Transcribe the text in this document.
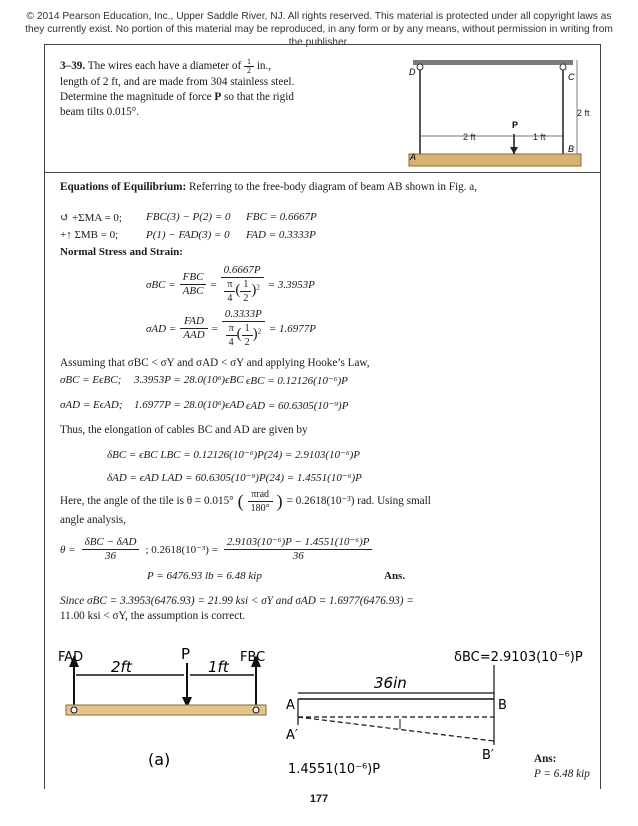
© 2014 Pearson Education, Inc., Upper Saddle River, NJ. All rights reserved. This material is protected under all copyright laws as they currently exist. No portion of this material may be reproduced, in any form or by any means, without permission in writing from the publisher.
3–39. The wires each have a diameter of $\frac{1}{2}$ in., length of 2 ft, and are made from 304 stainless steel. Determine the magnitude of force P so that the rigid beam tilts 0.015°.
D	C
A
B
P
2 ft	1 ft
2 ft
Equations of Equilibrium: Referring to the free-body diagram of beam AB shown in Fig. a,
↺ +ΣMA = 0; FBC(3) − P(2) = 0 FBC = 0.6667P
+↑ ΣMB = 0;	P(1) − FAD(3) = 0 FAD = 0.3333P
Normal Stress and Strain:
$\sigma BC = \frac{\text{FBC}}{\text{ABC}} = \frac{0.6667P}{\frac{\pi}{4} ( \frac{1}{2} )^2} = 3.3953P$
$\sigma AD = \frac{\text{FAD}}{\text{AAD}} = \frac{0.3333P}{\frac{\pi}{4} ( \frac{1}{2} )^2} = 1.6977P$
Assuming that σBC < σY and σAD < σY and applying Hooke’s Law,
σBC = EϵBC; 3.3953P = 28.0(10⁶)ϵBC ϵBC = 0.12126(10⁻⁶)P
σAD = EϵAD; 1.6977P = 28.0(10⁶)ϵAD ϵAD = 60.6305(10⁻⁹)P
Thus, the elongation of cables BC and AD are given by
δBC = ϵBC LBC = 0.12126(10⁻⁶)P(24) = 2.9103(10⁻⁶)P
δAD = ϵAD LAD = 60.6305(10⁻⁹)P(24) = 1.4551(10⁻⁶)P
Here, the angle of the tile is θ = 0.015° ( $\frac{\text{πrad}}{180^\circ}$ ) = 0.2618(10⁻³) rad. Using small
angle analysis,
$\theta = \frac{\text{δBC − δAD}}{36}$ ; $0.2618(10^{-3}) = \frac{\text{2.9103(10⁻⁶)P − 1.4551(10⁻⁶)P}}{36}$
P = 6476.93 lb = 6.48 kip	Ans.
Since σBC = 3.3953(6476.93) = 21.99 ksi < σY and σAD = 1.6977(6476.93) =
11.00 ksi < σY, the assumption is correct.
FAD	P	FBC
2ft	1ft
(a)
δBC=2.9103(10⁻⁶)P
36in
A	B
A′
B′
1.4551(10⁻⁶)P
Ans:
P = 6.48 kip
177
